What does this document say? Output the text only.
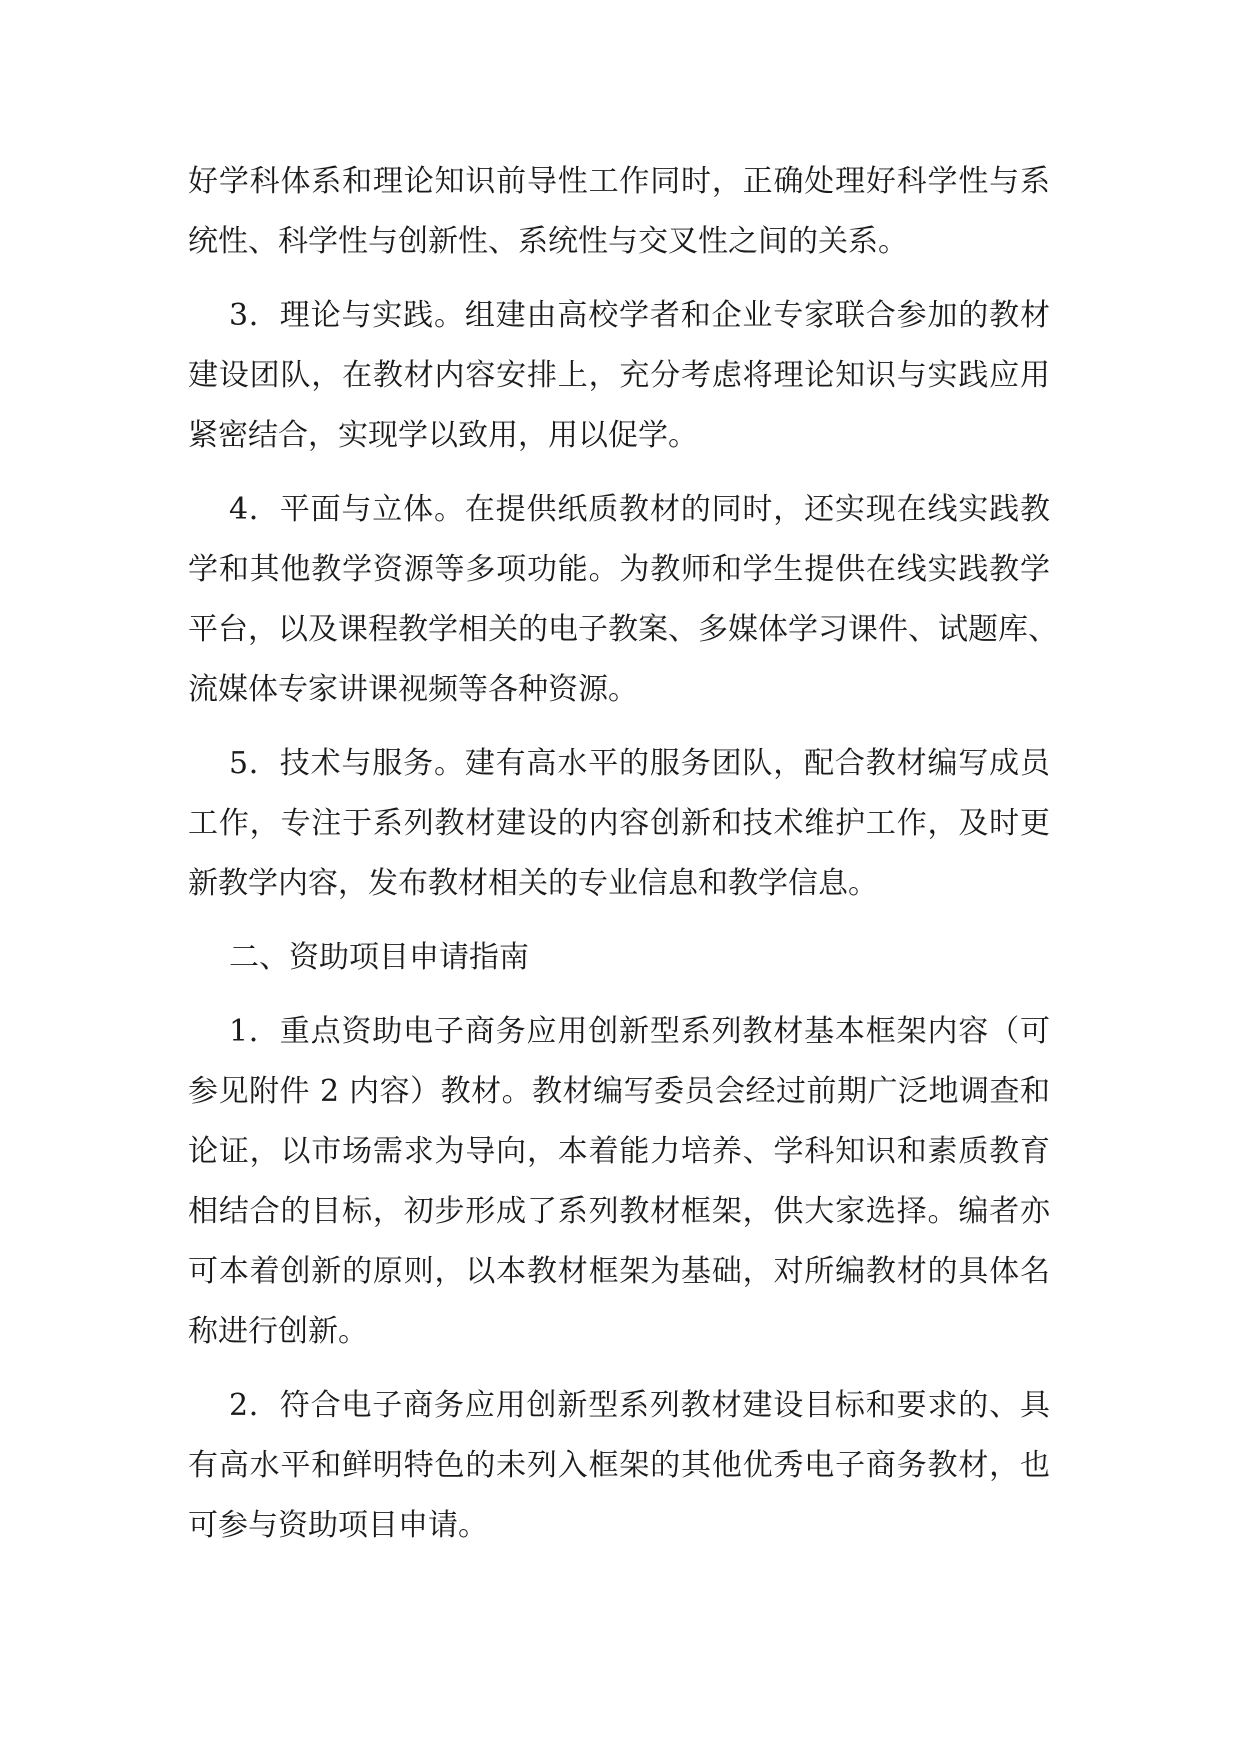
好学科体系和理论知识前导性工作同时，正确处理好科学性与系
统性、科学性与创新性、系统性与交叉性之间的关系。
3．理论与实践。组建由高校学者和企业专家联合参加的教材
建设团队，在教材内容安排上，充分考虑将理论知识与实践应用
紧密结合，实现学以致用，用以促学。
4．平面与立体。在提供纸质教材的同时，还实现在线实践教
学和其他教学资源等多项功能。为教师和学生提供在线实践教学
平台，以及课程教学相关的电子教案、多媒体学习课件、试题库、
流媒体专家讲课视频等各种资源。
5．技术与服务。建有高水平的服务团队，配合教材编写成员
工作，专注于系列教材建设的内容创新和技术维护工作，及时更
新教学内容，发布教材相关的专业信息和教学信息。
二、资助项目申请指南
1．重点资助电子商务应用创新型系列教材基本框架内容（可
参见附件 2 内容）教材。教材编写委员会经过前期广泛地调查和
论证，以市场需求为导向，本着能力培养、学科知识和素质教育
相结合的目标，初步形成了系列教材框架，供大家选择。编者亦
可本着创新的原则，以本教材框架为基础，对所编教材的具体名
称进行创新。
2．符合电子商务应用创新型系列教材建设目标和要求的、具
有高水平和鲜明特色的未列入框架的其他优秀电子商务教材，也
可参与资助项目申请。
